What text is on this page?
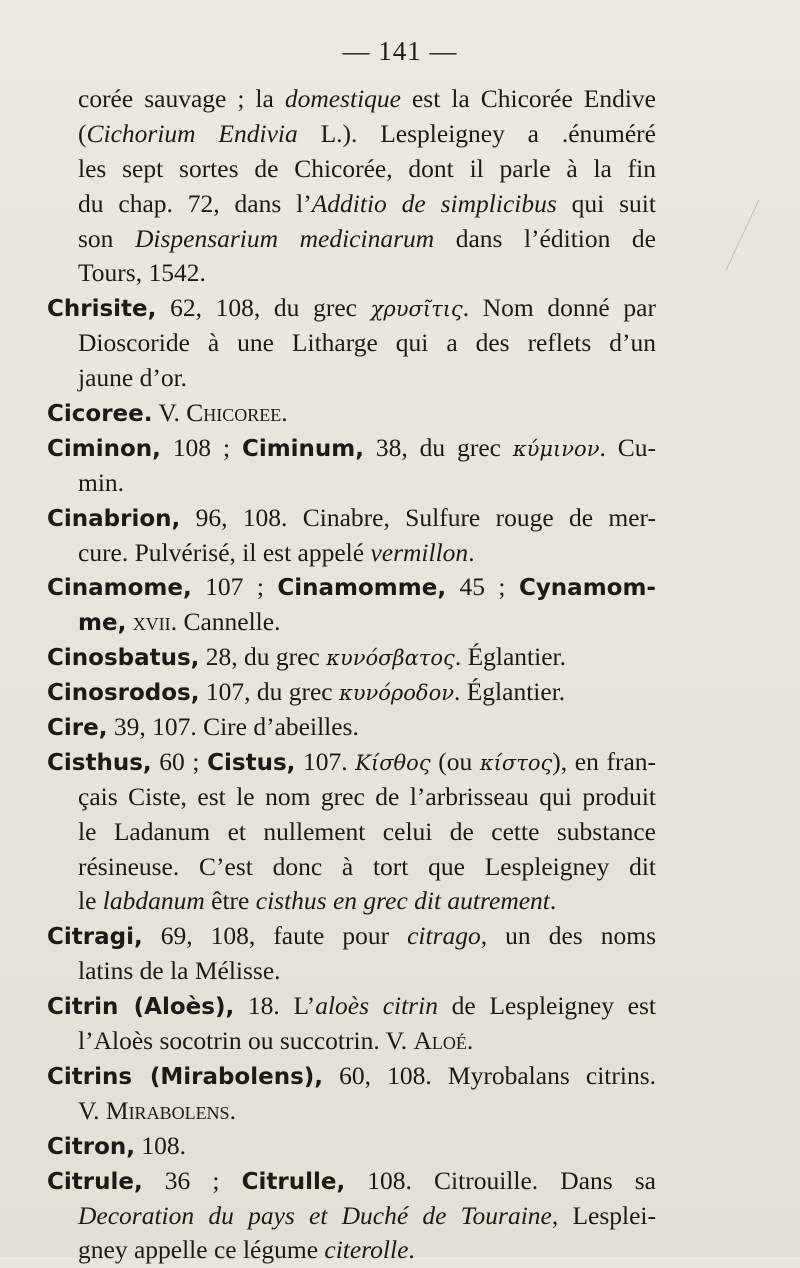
— 141 —
corée sauvage ; la domestique est la Chicorée Endive
(Cichorium Endivia L.). Lespleigney a .énuméré
les sept sortes de Chicorée, dont il parle à la fin
du chap. 72, dans l’Additio de simplicibus qui suit
son Dispensarium medicinarum dans l’édition de
Tours, 1542.
Chrisite, 62, 108, du grec χρυσῖτις. Nom donné par
Dioscoride à une Litharge qui a des reflets d’un
jaune d’or.
Cicoree. V. Chicoree.
Ciminon, 108 ; Ciminum, 38, du grec κύμινον. Cu-
min.
Cinabrion, 96, 108. Cinabre, Sulfure rouge de mer-
cure. Pulvérisé, il est appelé vermillon.
Cinamome, 107 ; Cinamomme, 45 ; Cynamom-
me, xvii. Cannelle.
Cinosbatus, 28, du grec κυνόσβατος. Églantier.
Cinosrodos, 107, du grec κυνόροδον. Églantier.
Cire, 39, 107. Cire d’abeilles.
Cisthus, 60 ; Cistus, 107. Κίσθος (ou κίστος), en fran-
çais Ciste, est le nom grec de l’arbrisseau qui produit
le Ladanum et nullement celui de cette substance
résineuse. C’est donc à tort que Lespleigney dit
le labdanum être cisthus en grec dit autrement.
Citragi, 69, 108, faute pour citrago, un des noms
latins de la Mélisse.
Citrin (Aloès), 18. L’aloès citrin de Lespleigney est
l’Aloès socotrin ou succotrin. V. Aloé.
Citrins (Mirabolens), 60, 108. Myrobalans citrins.
V. Mirabolens.
Citron, 108.
Citrule, 36 ; Citrulle, 108. Citrouille. Dans sa
Decoration du pays et Duché de Touraine, Lesplei-
gney appelle ce légume citerolle.
